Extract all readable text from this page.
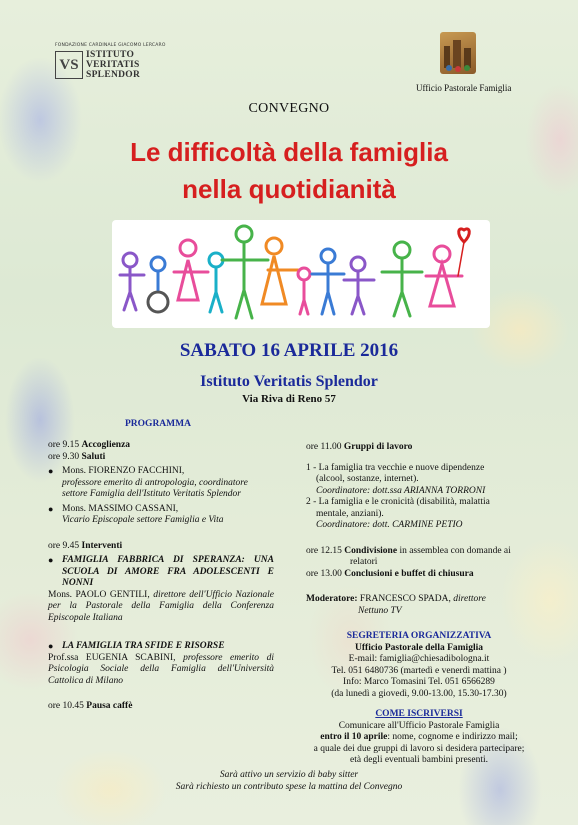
FONDAZIONE CARDINALE GIACOMO LERCARO
VS
ISTITUTO
VERITATIS
SPLENDOR
Ufficio Pastorale Famiglia
CONVEGNO
Le difficoltà della famiglia
nella quotidianità
SABATO 16 APRILE 2016
Istituto Veritatis Splendor
Via Riva di Reno 57
PROGRAMMA

ore 9.15 Accoglienza

ore 9.30 Saluti

● Mons. FIORENZO FACCHINI,
professore emerito di antropologia, coordinatore settore Famiglia dell'Istituto Veritatis Splendor
● Mons. MASSIMO CASSANI,
Vicario Episcopale settore Famiglia e Vita

ore 9.45 Interventi

● FAMIGLIA FABBRICA DI SPERANZA: UNA SCUOLA DI AMORE FRA ADOLESCENTI E NONNI

Mons. PAOLO GENTILI, direttore dell'Ufficio Nazionale per la Pastorale della Famiglia della Conferenza Episcopale Italiana

● LA FAMIGLIA TRA SFIDE E RISORSE

Prof.ssa EUGENIA SCABINI, professore emerito di Psicologia Sociale della Famiglia dell'Università Cattolica di Milano

ore 10.45 Pausa caffè

ore 11.00 Gruppi di lavoro

1 - La famiglia tra vecchie e nuove dipendenze

(alcool, sostanze, internet).

Coordinatore: dott.ssa ARIANNA TORRONI

2 - La famiglia e le cronicità (disabilità, malattia

mentale, anziani).

Coordinatore: dott. CARMINE PETIO

ore 12.15 Condivisione in assemblea con domande ai

relatori

ore 13.00 Conclusioni e buffet di chiusura

Moderatore: FRANCESCO SPADA, direttore

Nettuno TV

SEGRETERIA ORGANIZZATIVA

Ufficio Pastorale della Famiglia

E-mail: famiglia@chiesadibologna.it

Tel. 051 6480736 (martedì e venerdì mattina )

Info: Marco Tomasini Tel. 051 6566289

(da lunedì a giovedì, 9.00-13.00, 15.30-17.30)

COME ISCRIVERSI

Comunicare all'Ufficio Pastorale Famiglia

entro il 10 aprile: nome, cognome e indirizzo mail;

a quale dei due gruppi di lavoro si desidera partecipare;

età degli eventuali bambini presenti.

Sarà attivo un servizio di baby sitter
Sarà richiesto un contributo spese la mattina del Convegno
